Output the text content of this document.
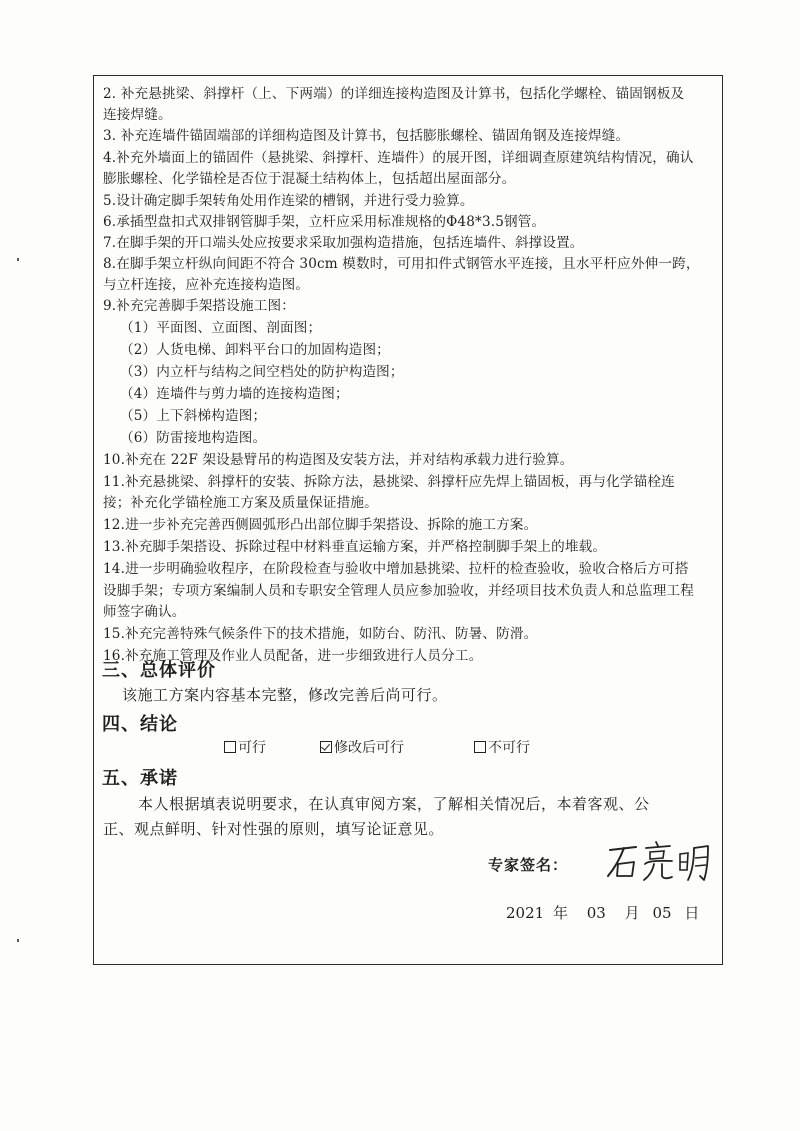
2. 补充悬挑梁、斜撑杆（上、下两端）的详细连接构造图及计算书，包括化学螺栓、锚固钢板及
连接焊缝。
3. 补充连墙件锚固端部的详细构造图及计算书，包括膨胀螺栓、锚固角钢及连接焊缝。
4.补充外墙面上的锚固件（悬挑梁、斜撑杆、连墙件）的展开图，详细调查原建筑结构情况，确认
膨胀螺栓、化学锚栓是否位于混凝土结构体上，包括超出屋面部分。
5.设计确定脚手架转角处用作连梁的槽钢，并进行受力验算。
6.承插型盘扣式双排钢管脚手架，立杆应采用标准规格的Φ48*3.5钢管。
7.在脚手架的开口端头处应按要求采取加强构造措施，包括连墙件、斜撑设置。
8.在脚手架立杆纵向间距不符合 30cm 模数时，可用扣件式钢管水平连接，且水平杆应外伸一跨，
与立杆连接，应补充连接构造图。
9.补充完善脚手架搭设施工图：
（1）平面图、立面图、剖面图；
（2）人货电梯、卸料平台口的加固构造图；
（3）内立杆与结构之间空档处的防护构造图；
（4）连墙件与剪力墙的连接构造图；
（5）上下斜梯构造图；
（6）防雷接地构造图。
10.补充在 22F 架设悬臂吊的构造图及安装方法，并对结构承载力进行验算。
11.补充悬挑梁、斜撑杆的安装、拆除方法，悬挑梁、斜撑杆应先焊上锚固板，再与化学锚栓连
接；补充化学锚栓施工方案及质量保证措施。
12.进一步补充完善西侧圆弧形凸出部位脚手架搭设、拆除的施工方案。
13.补充脚手架搭设、拆除过程中材料垂直运输方案，并严格控制脚手架上的堆载。
14.进一步明确验收程序，在阶段检查与验收中增加悬挑梁、拉杆的检查验收，验收合格后方可搭
设脚手架；专项方案编制人员和专职安全管理人员应参加验收，并经项目技术负责人和总监理工程
师签字确认。
15.补充完善特殊气候条件下的技术措施，如防台、防汛、防暑、防滑。
16.补充施工管理及作业人员配备，进一步细致进行人员分工。
三、总体评价
该施工方案内容基本完整，修改完善后尚可行。
四、结论
可行	修改后可行	不可行
五、承诺
本人根据填表说明要求，在认真审阅方案，了解相关情况后，本着客观、公
正、观点鲜明、针对性强的原则，填写论证意见。
专家签名：
2021 年 03 月 05 日
